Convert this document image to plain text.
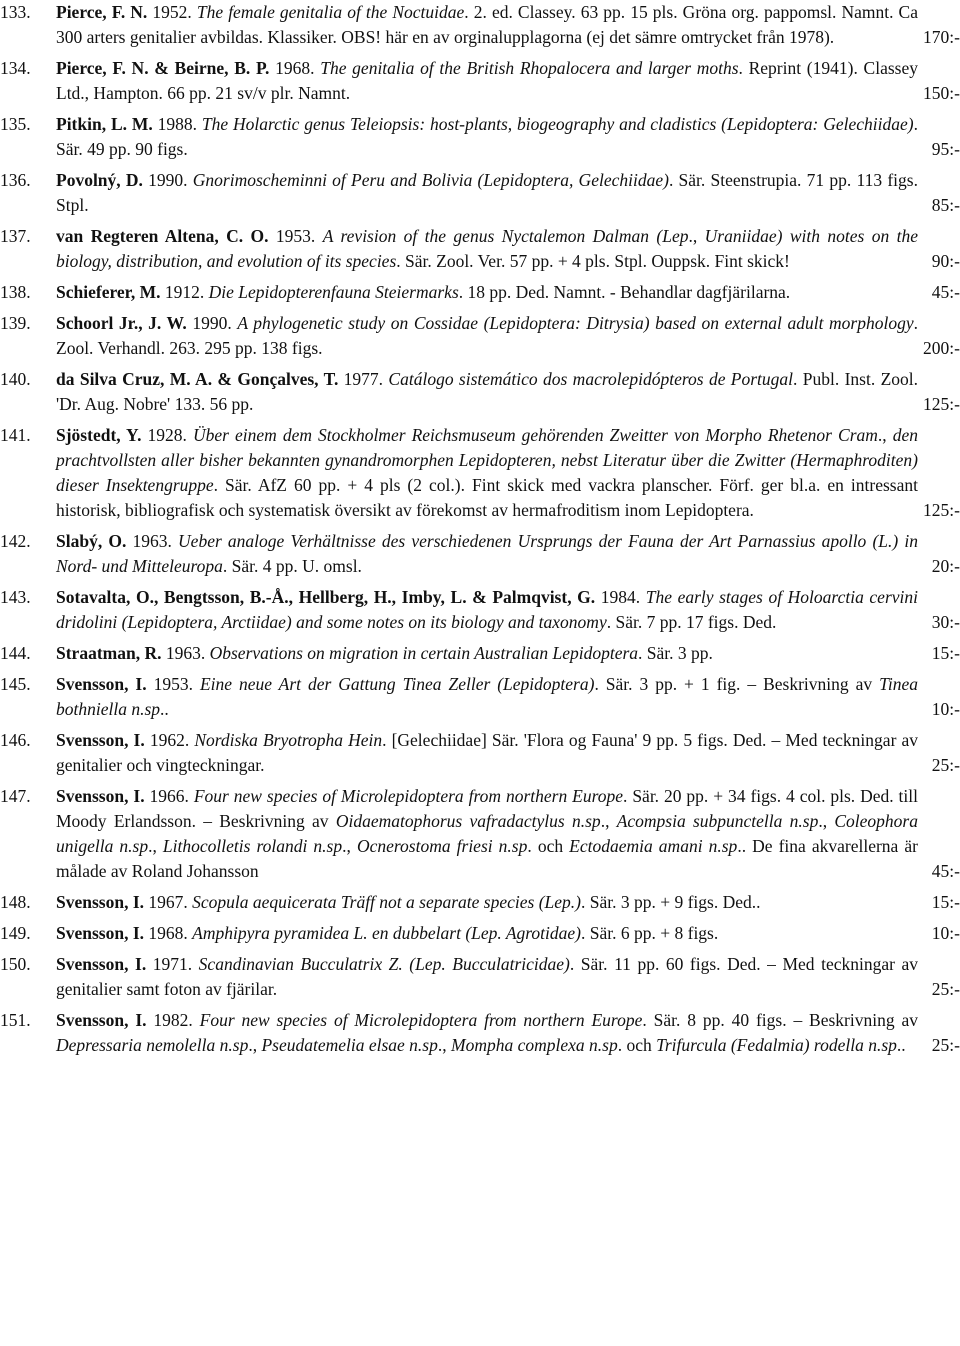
133.	Pierce, F. N. 1952. The female genitalia of the Noctuidae. 2. ed. Classey. 63 pp. 15 pls. Gröna org. pappomsl. Namnt. Ca 300 arters genitalier avbildas. Klassiker. OBS! här en av orginalupplagorna (ej det sämre omtrycket från 1978).	170:-
134.	Pierce, F. N. & Beirne, B. P. 1968. The genitalia of the British Rhopalocera and larger moths. Reprint (1941). Classey Ltd., Hampton. 66 pp. 21 sv/v plr. Namnt.	150:-
135.	Pitkin, L. M. 1988. The Holarctic genus Teleiopsis: host-plants, biogeography and cladistics (Lepidoptera: Gelechiidae). Sär. 49 pp. 90 figs.	95:-
136.	Povolný, D. 1990. Gnorimoscheminni of Peru and Bolivia (Lepidoptera, Gelechiidae). Sär. Steenstrupia. 71 pp. 113 figs. Stpl.	85:-
137.	van Regteren Altena, C. O. 1953. A revision of the genus Nyctalemon Dalman (Lep., Uraniidae) with notes on the biology, distribution, and evolution of its species. Sär. Zool. Ver. 57 pp. + 4 pls. Stpl. Ouppsk. Fint skick!	90:-
138.	Schieferer, M. 1912. Die Lepidopterenfauna Steiermarks. 18 pp. Ded. Namnt. - Behandlar dagfjärilarna.	45:-
139.	Schoorl Jr., J. W. 1990. A phylogenetic study on Cossidae (Lepidoptera: Ditrysia) based on external adult morphology. Zool. Verhandl. 263. 295 pp. 138 figs.	200:-
140.	da Silva Cruz, M. A. & Gonçalves, T. 1977. Catálogo sistemático dos macrolepidópteros de Portugal. Publ. Inst. Zool. 'Dr. Aug. Nobre' 133. 56 pp.	125:-
141.	Sjöstedt, Y. 1928. Über einem dem Stockholmer Reichsmuseum gehörenden Zweitter von Morpho Rhetenor Cram., den prachtvollsten aller bisher bekannten gynandromorphen Lepidopteren, nebst Literatur über die Zwitter (Hermaphroditen) dieser Insektengruppe. Sär. AfZ 60 pp. + 4 pls (2 col.). Fint skick med vackra planscher. Förf. ger bl.a. en intressant historisk, bibliografisk och systematisk översikt av förekomst av hermafroditism inom Lepidoptera.	125:-
142.	Slabý, O. 1963. Ueber analoge Verhältnisse des verschiedenen Ursprungs der Fauna der Art Parnassius apollo (L.) in Nord- und Mitteleuropa. Sär. 4 pp. U. omsl.	20:-
143.	Sotavalta, O., Bengtsson, B.-Å., Hellberg, H., Imby, L. & Palmqvist, G. 1984. The early stages of Holoarctia cervini dridolini (Lepidoptera, Arctiidae) and some notes on its biology and taxonomy. Sär. 7 pp. 17 figs. Ded.	30:-
144.	Straatman, R. 1963. Observations on migration in certain Australian Lepidoptera. Sär. 3 pp.	15:-
145.	Svensson, I. 1953. Eine neue Art der Gattung Tinea Zeller (Lepidoptera). Sär. 3 pp. + 1 fig. – Beskrivning av Tinea bothniella n.sp..	10:-
146.	Svensson, I. 1962. Nordiska Bryotropha Hein. [Gelechiidae] Sär. 'Flora og Fauna' 9 pp. 5 figs. Ded. – Med teckningar av genitalier och vingteckningar.	25:-
147.	Svensson, I. 1966. Four new species of Microlepidoptera from northern Europe. Sär. 20 pp. + 34 figs. 4 col. pls. Ded. till Moody Erlandsson. – Beskrivning av Oidaematophorus vafradactylus n.sp., Acompsia subpunctella n.sp., Coleophora unigella n.sp., Lithocolletis rolandi n.sp., Ocnerostoma friesi n.sp. och Ectodaemia amani n.sp.. De fina akvarellerna är målade av Roland Johansson	45:-
148.	Svensson, I. 1967. Scopula aequicerata Träff not a separate species (Lep.). Sär. 3 pp. + 9 figs. Ded..	15:-
149.	Svensson, I. 1968. Amphipyra pyramidea L. en dubbelart (Lep. Agrotidae). Sär. 6 pp. + 8 figs.	10:-
150.	Svensson, I. 1971. Scandinavian Bucculatrix Z. (Lep. Bucculatricidae). Sär. 11 pp. 60 figs. Ded. – Med teckningar av genitalier samt foton av fjärilar.	25:-
151.	Svensson, I. 1982. Four new species of Microlepidoptera from northern Europe. Sär. 8 pp. 40 figs. – Beskrivning av Depressaria nemolella n.sp., Pseudatemelia elsae n.sp., Mompha complexa n.sp. och Trifurcula (Fedalmia) rodella n.sp..	25:-
